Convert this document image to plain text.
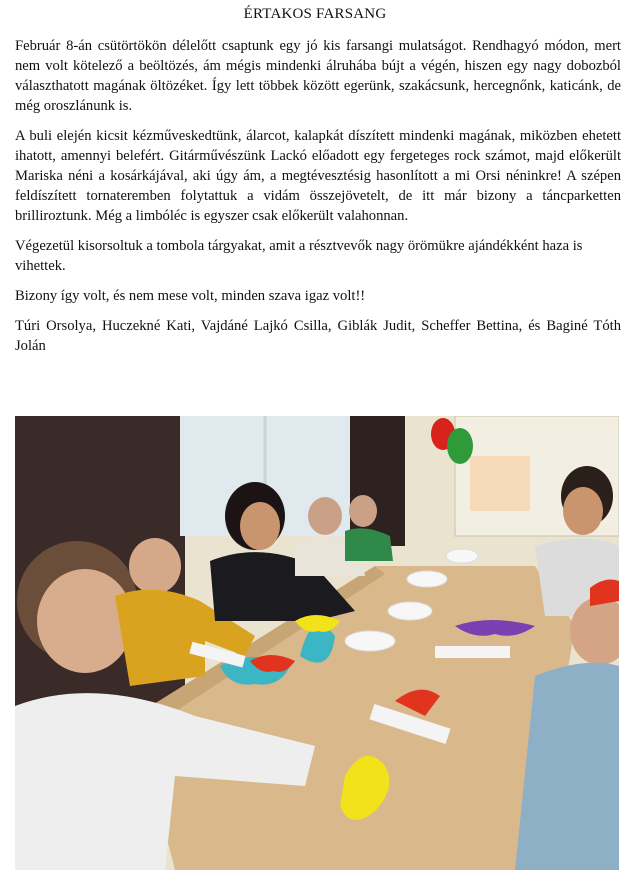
ÉRTAKOS FARSANG

Február 8-án csütörtökön délelőtt csaptunk egy jó kis farsangi mulatságot. Rendhagyó módon, mert nem volt kötelező a beöltözés, ám mégis mindenki álruhába bújt a végén, hiszen egy nagy dobozból választhatott magának öltözéket. Így lett többek között egerünk, szakácsunk, hercegnőnk, katicánk, de még oroszlánunk is.

A buli elején kicsit kézműveskedtünk, álarcot, kalapkát díszített mindenki magának, miközben ehetett ihatott, amennyi belefért. Gitárművészünk Lackó előadott egy fergeteges rock számot, majd előkerült Mariska néni a kosárkájával, aki úgy ám, a megtévesztésig hasonlított a mi Orsi néninkre! A szépen feldíszített tornateremben folytattuk a vidám összejövetelt, de itt már bizony a táncparketten brilliroztunk. Még a limbóléc is egyszer csak előkerült valahonnan.

Végezetül kisorsoltuk a tombola tárgyakat, amit a résztvevők nagy örömükre ajándékként haza is vihettek.

Bizony így volt, és nem mese volt, minden szava igaz volt!!

Túri Orsolya, Huczekné Kati, Vajdáné Lajkó Csilla, Giblák Judit, Scheffer Bettina, és Baginé Tóth Jolán
